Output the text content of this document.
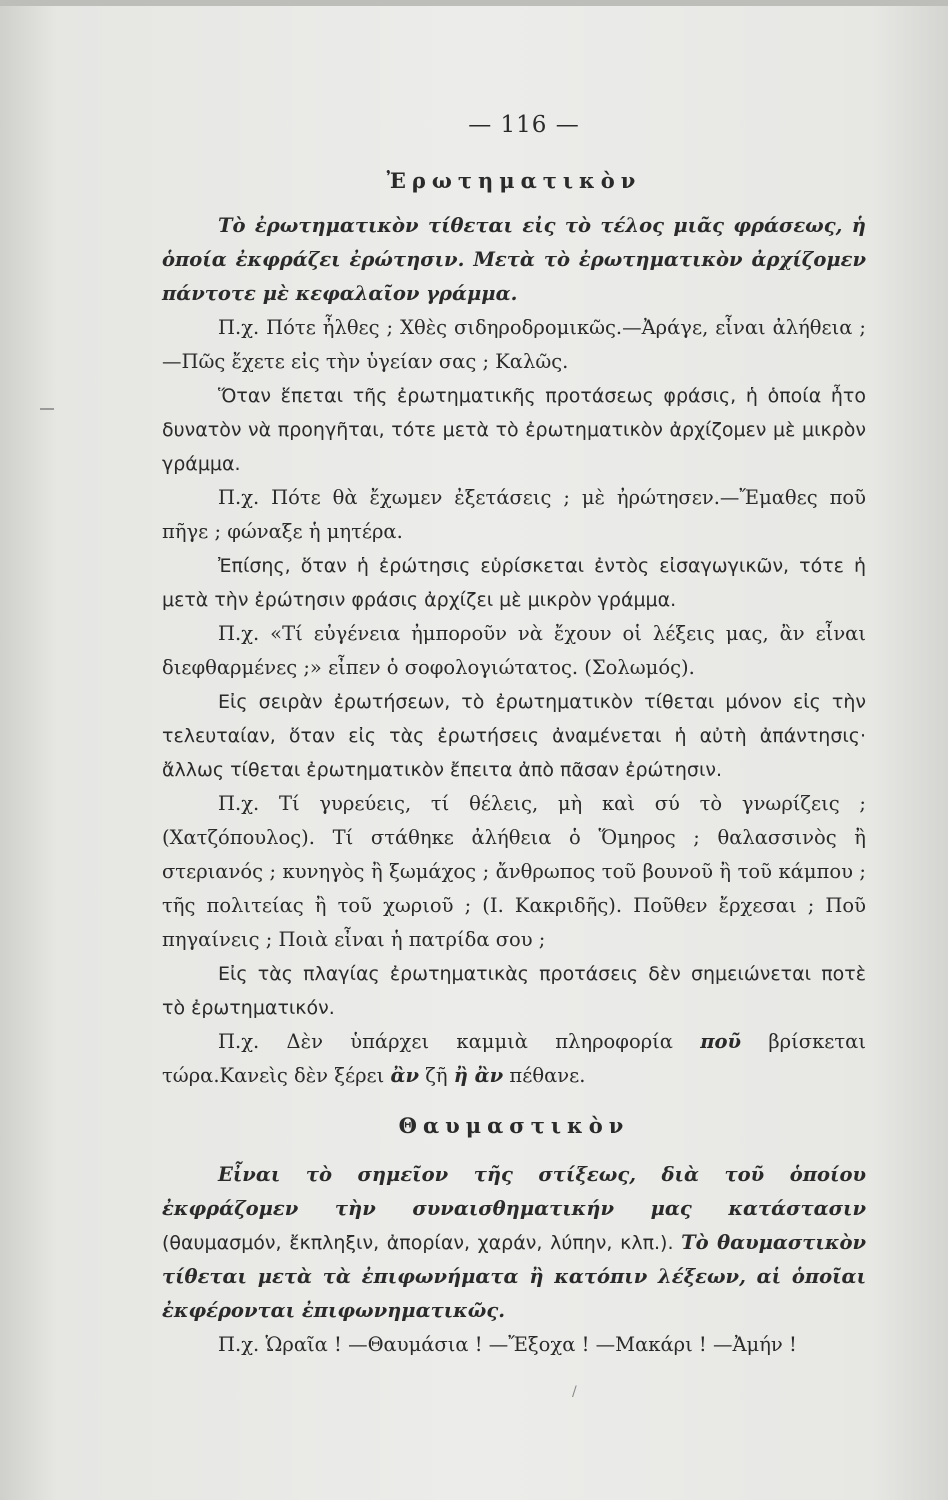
— 116 —
Ἐρωτηματικὸν

Τὸ ἐρωτηματικὸν τίθεται εἰς τὸ τέλος μιᾶς φράσεως, ἡ ὁποία ἐκφράζει ἐρώτησιν. Μετὰ τὸ ἐρωτηματικὸν ἀρχίζομεν πάντοτε μὲ κεφαλαῖον γράμμα.

Π.χ. Πότε ἦλθες ; Χθὲς σιδηροδρομικῶς.—Ἀράγε, εἶναι ἀλήθεια ;—Πῶς ἔχετε εἰς τὴν ὑγείαν σας ; Καλῶς.

Ὅταν ἕπεται τῆς ἐρωτηματικῆς προτάσεως φράσις, ἡ ὁποία ἦτο δυνατὸν νὰ προηγῆται, τότε μετὰ τὸ ἐρωτηματικὸν ἀρχίζομεν μὲ μικρὸν γράμμα.

Π.χ. Πότε θὰ ἔχωμεν ἐξετάσεις ; μὲ ἠρώτησεν.—Ἔμαθες ποῦ πῆγε ; φώναξε ἡ μητέρα.

Ἐπίσης, ὅταν ἡ ἐρώτησις εὑρίσκεται ἐντὸς εἰσαγωγικῶν, τότε ἡ μετὰ τὴν ἐρώτησιν φράσις ἀρχίζει μὲ μικρὸν γράμμα.

Π.χ. «Τί εὐγένεια ἠμποροῦν νὰ ἔχουν οἱ λέξεις μας, ἂν εἶναι διεφθαρμένες ;» εἶπεν ὁ σοφολογιώτατος. (Σολωμός).

Εἰς σειρὰν ἐρωτήσεων, τὸ ἐρωτηματικὸν τίθεται μόνον εἰς τὴν τελευταίαν, ὅταν εἰς τὰς ἐρωτήσεις ἀναμένεται ἡ αὐτὴ ἀπάντησις· ἄλλως τίθεται ἐρωτηματικὸν ἔπειτα ἀπὸ πᾶσαν ἐρώτησιν.

Π.χ. Τί γυρεύεις, τί θέλεις, μὴ καὶ σύ τὸ γνωρίζεις ; (Χατζόπουλος). Τί στάθηκε ἀλήθεια ὁ Ὅμηρος ; θαλασσινὸς ἢ στεριανός ; κυνηγὸς ἢ ξωμάχος ; ἄνθρωπος τοῦ βουνοῦ ἢ τοῦ κάμπου ; τῆς πολιτείας ἢ τοῦ χωριοῦ ; (Ι. Κακριδῆς). Ποῦθεν ἔρχεσαι ; Ποῦ πηγαίνεις ; Ποιὰ εἶναι ἡ πατρίδα σου ;

Εἰς τὰς πλαγίας ἐρωτηματικὰς προτάσεις δὲν σημειώνεται ποτὲ τὸ ἐρωτηματικόν.

Π.χ. Δὲν ὑπάρχει καμμιὰ πληροφορία ποῦ βρίσκεται τώρα.Κανεὶς δὲν ξέρει ἂν ζῆ ἢ ἂν πέθανε.

Θαυμαστικὸν

Εἶναι τὸ σημεῖον τῆς στίξεως, διὰ τοῦ ὁποίου ἐκφράζομεν τὴν συναισθηματικήν μας κατάστασιν (θαυμασμόν, ἔκπληξιν, ἀπορίαν, χαράν, λύπην, κλπ.). Τὸ θαυμαστικὸν τίθεται μετὰ τὰ ἐπιφωνήματα ἢ κατόπιν λέξεων, αἱ ὁποῖαι ἐκφέρονται ἐπιφωνηματικῶς.

Π.χ. Ὡραῖα ! —Θαυμάσια ! —Ἔξοχα ! —Μακάρι ! —Ἀμήν !

/
